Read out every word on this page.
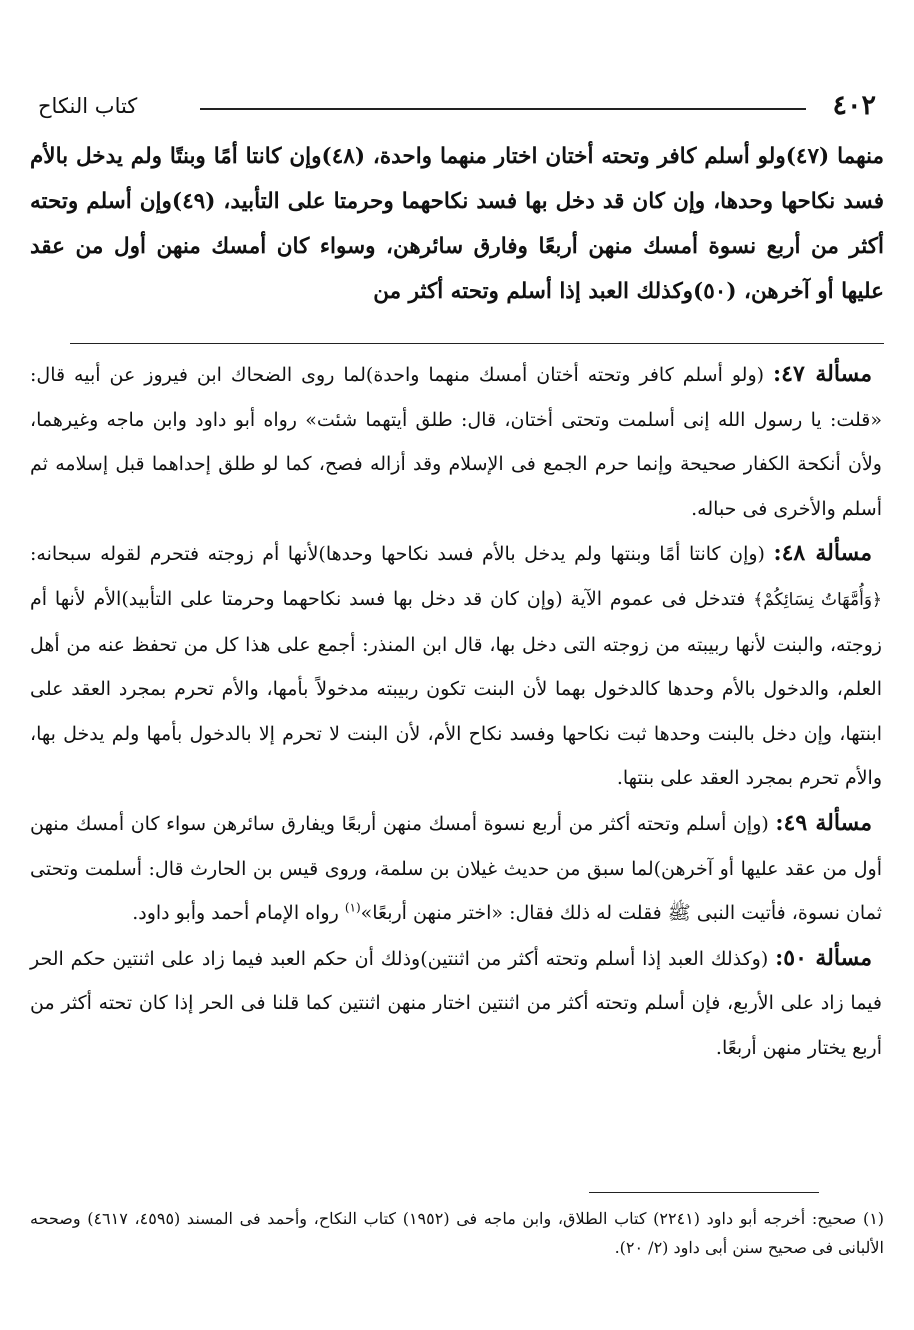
٤٠٢
كتاب النكاح
منهما (٤٧)ولو أسلم كافر وتحته أختان اختار منهما واحدة، (٤٨)وإن كانتا أمًا وبنتًا ولم يدخل بالأم فسد نكاحها وحدها، وإن كان قد دخل بها فسد نكاحهما وحرمتا على التأبيد، (٤٩)وإن أسلم وتحته أكثر من أربع نسوة أمسك منهن أربعًا وفارق سائرهن، وسواء كان أمسك منهن أول من عقد عليها أو آخرهن، (٥٠)وكذلك العبد إذا أسلم وتحته أكثر من

مسألة ٤٧: (ولو أسلم كافر وتحته أختان أمسك منهما واحدة)لما روى الضحاك ابن فيروز عن أبيه قال: «قلت: يا رسول الله إنى أسلمت وتحتى أختان، قال: طلق أيتهما شئت» رواه أبو داود وابن ماجه وغيرهما، ولأن أنكحة الكفار صحيحة وإنما حرم الجمع فى الإسلام وقد أزاله فصح، كما لو طلق إحداهما قبل إسلامه ثم أسلم والأخرى فى حباله.

مسألة ٤٨: (وإن كانتا أمًا وبنتها ولم يدخل بالأم فسد نكاحها وحدها)لأنها أم زوجته فتحرم لقوله سبحانه: ﴿وَأُمَّهَاتُ نِسَائِكُمْ﴾ فتدخل فى عموم الآية (وإن كان قد دخل بها فسد نكاحهما وحرمتا على التأبيد)الأم لأنها أم زوجته، والبنت لأنها ربيبته من زوجته التى دخل بها، قال ابن المنذر: أجمع على هذا كل من تحفظ عنه من أهل العلم، والدخول بالأم وحدها كالدخول بهما لأن البنت تكون ربيبته مدخولاً بأمها، والأم تحرم بمجرد العقد على ابنتها، وإن دخل بالبنت وحدها ثبت نكاحها وفسد نكاح الأم، لأن البنت لا تحرم إلا بالدخول بأمها ولم يدخل بها، والأم تحرم بمجرد العقد على بنتها.

مسألة ٤٩: (وإن أسلم وتحته أكثر من أربع نسوة أمسك منهن أربعًا ويفارق سائرهن سواء كان أمسك منهن أول من عقد عليها أو آخرهن)لما سبق من حديث غيلان بن سلمة، وروى قيس بن الحارث قال: أسلمت وتحتى ثمان نسوة، فأتيت النبى ﷺ فقلت له ذلك فقال: «اختر منهن أربعًا»$^{(١)}$ رواه الإمام أحمد وأبو داود.

مسألة ٥٠: (وكذلك العبد إذا أسلم وتحته أكثر من اثنتين)وذلك أن حكم العبد فيما زاد على اثنتين حكم الحر فيما زاد على الأربع، فإن أسلم وتحته أكثر من اثنتين اختار منهن اثنتين كما قلنا فى الحر إذا كان تحته أكثر من أربع يختار منهن أربعًا.

(١) صحيح: أخرجه أبو داود (٢٢٤١) كتاب الطلاق، وابن ماجه فى (١٩٥٢) كتاب النكاح، وأحمد فى المسند (٤٥٩٥، ٤٦١٧) وصححه الألبانى فى صحيح سنن أبى داود (٢/ ٢٠).
